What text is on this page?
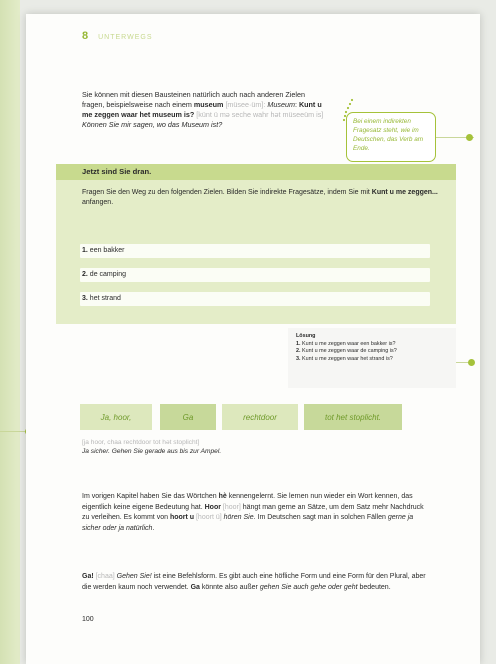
8 UNTERWEGS
Sie können mit diesen Bausteinen natürlich auch nach anderen Zielen fragen, beispielsweise nach einem museum [müsee·üm]: Museum: Kunt u me zeggen waar het museum is? [künt ü mə seche wahr hət müseeüm is] Können Sie mir sagen, wo das Museum ist?	Bei einem indirekten Fragesatz steht, wie im Deutschen, das Verb am Ende.
Jetzt sind Sie dran.
Fragen Sie den Weg zu den folgenden Zielen. Bilden Sie indirekte Fragesätze, indem Sie mit Kunt u me zeggen... anfangen.
1. een bakker
2. de camping
3. het strand
Lösung
1. Kunt u me zeggen waar een bakker is?
2. Kunt u me zeggen waar de camping is?
3. Kunt u me zeggen waar het strand is?
Ja, hoor,	Ga	rechtdoor	tot het stoplicht.
[ja hoor, chaa rechtdoor tot hət stoplicht]
Ja sicher. Gehen Sie gerade aus bis zur Ampel.
Im vorigen Kapitel haben Sie das Wörtchen hè kennengelernt. Sie lernen nun wieder ein Wort kennen, das eigentlich keine eigene Bedeutung hat. Hoor [hoor] hängt man gerne an Sätze, um dem Satz mehr Nachdruck zu verleihen. Es kommt von hoort u [hoort ü] hören Sie. Im Deutschen sagt man in solchen Fällen gerne ja sicher oder ja natürlich.
Ga! [chaa] Gehen Sie! ist eine Befehlsform. Es gibt auch eine höfliche Form und eine Form für den Plural, aber die werden kaum noch verwendet. Ga könnte also außer gehen Sie auch gehe oder geht bedeuten.
100
